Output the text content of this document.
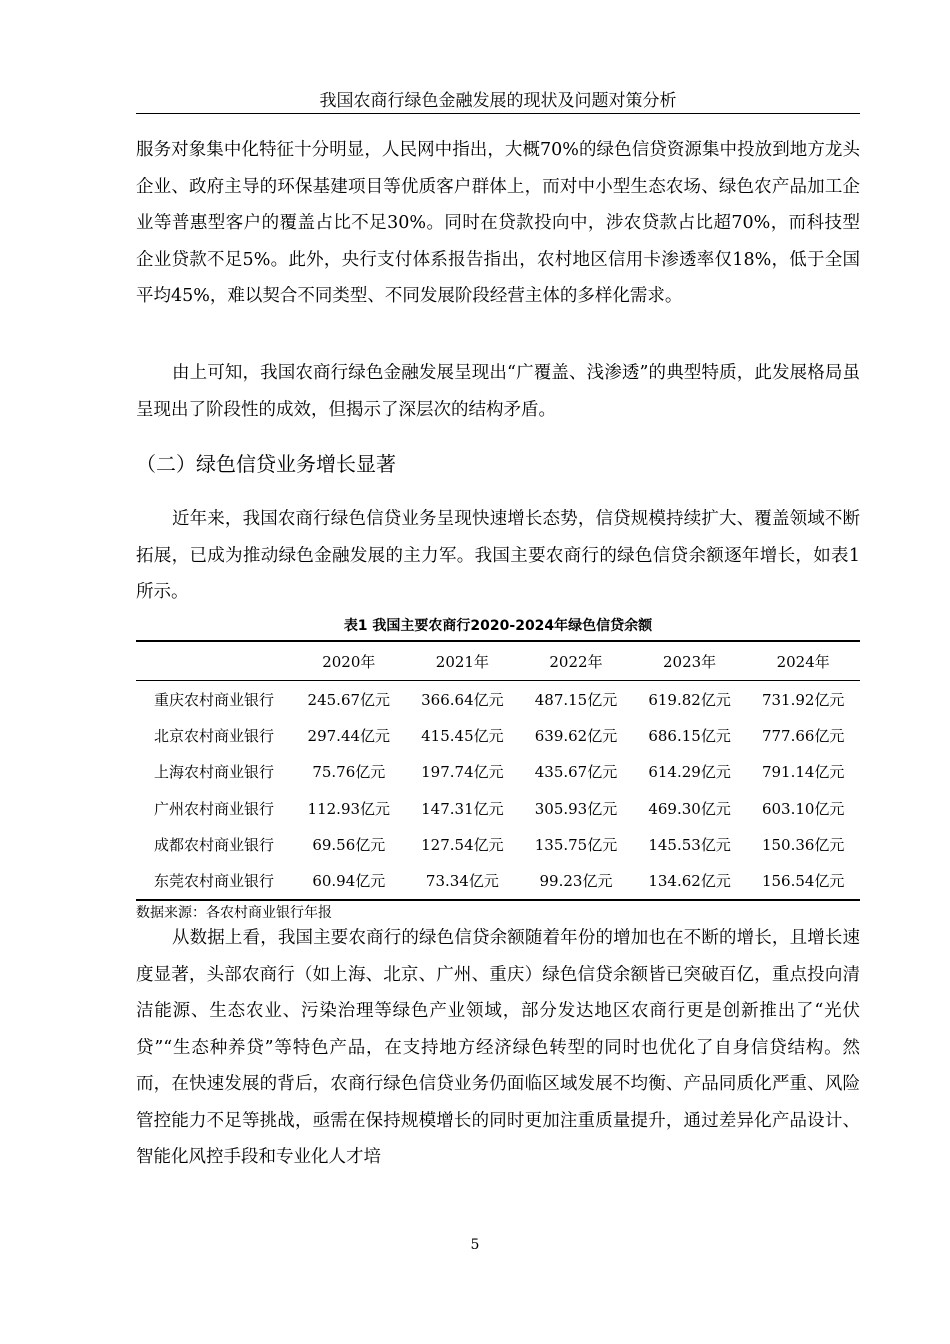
我国农商行绿色金融发展的现状及问题对策分析

服务对象集中化特征十分明显，人民网中指出，大概70%的绿色信贷资源集中投放到地方龙头企业、政府主导的环保基建项目等优质客户群体上，而对中小型生态农场、绿色农产品加工企业等普惠型客户的覆盖占比不足30%。同时在贷款投向中，涉农贷款占比超70%，而科技型企业贷款不足5%。此外，央行支付体系报告指出，农村地区信用卡渗透率仅18%，低于全国平均45%，难以契合不同类型、不同发展阶段经营主体的多样化需求。

由上可知，我国农商行绿色金融发展呈现出“广覆盖、浅渗透”的典型特质，此发展格局虽呈现出了阶段性的成效，但揭示了深层次的结构矛盾。

（二）绿色信贷业务增长显著

近年来，我国农商行绿色信贷业务呈现快速增长态势，信贷规模持续扩大、覆盖领域不断拓展，已成为推动绿色金融发展的主力军。我国主要农商行的绿色信贷余额逐年增长，如表1所示。

表1 我国主要农商行2020-2024年绿色信贷余额
	2020年	2021年	2022年	2023年	2024年
重庆农村商业银行	245.67亿元	366.64亿元	487.15亿元	619.82亿元	731.92亿元
北京农村商业银行	297.44亿元	415.45亿元	639.62亿元	686.15亿元	777.66亿元
上海农村商业银行	75.76亿元	197.74亿元	435.67亿元	614.29亿元	791.14亿元
广州农村商业银行	112.93亿元	147.31亿元	305.93亿元	469.30亿元	603.10亿元
成都农村商业银行	69.56亿元	127.54亿元	135.75亿元	145.53亿元	150.36亿元
东莞农村商业银行	60.94亿元	73.34亿元	99.23亿元	134.62亿元	156.54亿元
数据来源：各农村商业银行年报

从数据上看，我国主要农商行的绿色信贷余额随着年份的增加也在不断的增长，且增长速度显著，头部农商行（如上海、北京、广州、重庆）绿色信贷余额皆已突破百亿，重点投向清洁能源、生态农业、污染治理等绿色产业领域，部分发达地区农商行更是创新推出了“光伏贷”“生态种养贷”等特色产品，在支持地方经济绿色转型的同时也优化了自身信贷结构。然而，在快速发展的背后，农商行绿色信贷业务仍面临区域发展不均衡、产品同质化严重、风险管控能力不足等挑战，亟需在保持规模增长的同时更加注重质量提升，通过差异化产品设计、智能化风控手段和专业化人才培

5
